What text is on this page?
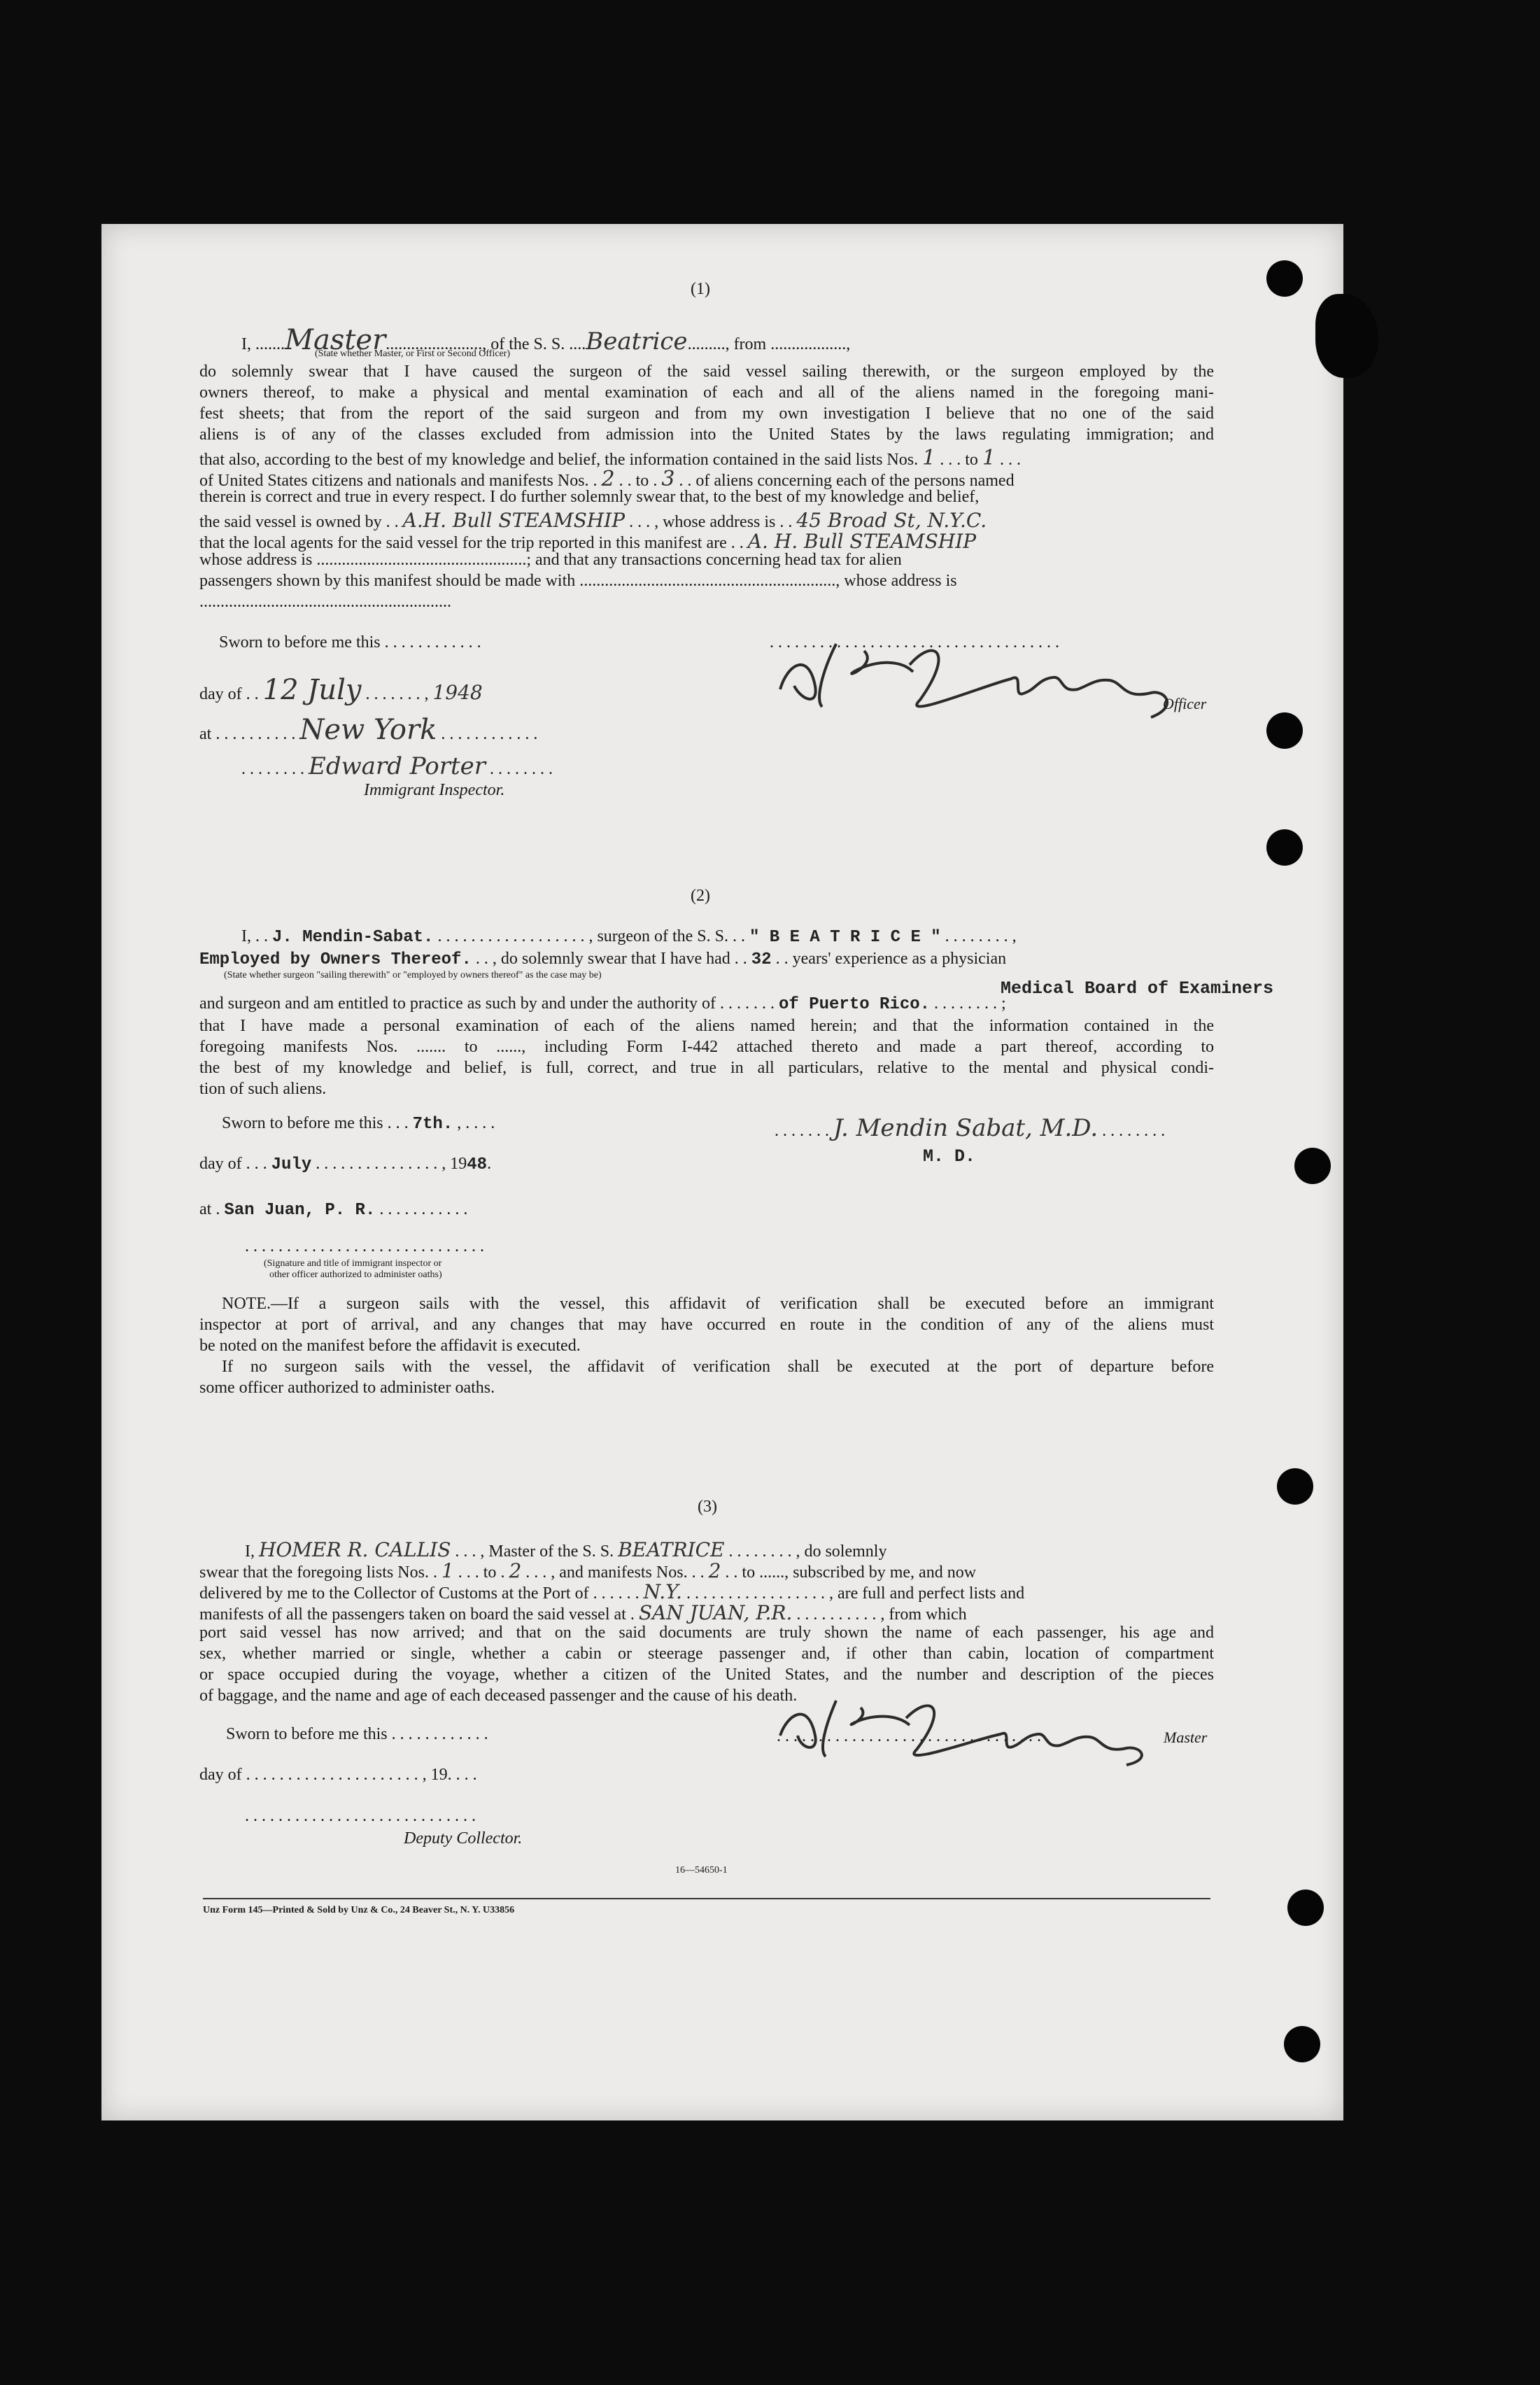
(1)
I, .......Master......................., of the S. S. ....Beatrice........., from ..................,
(State whether Master, or First or Second Officer)
do solemnly swear that I have caused the surgeon of the said vessel sailing therewith, or the surgeon employed by the
owners thereof, to make a physical and mental examination of each and all of the aliens named in the foregoing mani-
fest sheets; that from the report of the said surgeon and from my own investigation I believe that no one of the said
aliens is of any of the classes excluded from admission into the United States by the laws regulating immigration; and
that also, according to the best of my knowledge and belief, the information contained in the said lists Nos. 1 . . . to 1 . . .
of United States citizens and nationals and manifests Nos. . 2 . . to . 3 . . of aliens concerning each of the persons named
therein is correct and true in every respect. I do further solemnly swear that, to the best of my knowledge and belief,
the said vessel is owned by . . A.H. Bull STEAMSHIP . . . , whose address is . . 45 Broad St, N.Y.C.
that the local agents for the said vessel for the trip reported in this manifest are . . A. H. Bull STEAMSHIP
whose address is ..................................................; and that any transactions concerning head tax for alien
passengers shown by this manifest should be made with ............................................................., whose address is
............................................................
Sworn to before me this . . . . . . . . . . . .
day of . . 12 July . . . . . . . , 1948
at . . . . . . . . . . New York . . . . . . . . . . . .
. . . . . . . . Edward Porter . . . . . . . .
Immigrant Inspector.
. . . . . . . . . . . . . . . . . . . . . . . . . . . . . . . . . . .
Officer
(2)
I, . . J. Mendin-Sabat. . . . . . . . . . . . . . . . . . . , surgeon of the S. S. . . " B E A T R I C E " . . . . . . . . ,
Employed by Owners Thereof. . . , do solemnly swear that I have had . . 32 . . years' experience as a physician
(State whether surgeon "sailing therewith" or "employed by owners thereof" as the case may be)
Medical Board of Examiners
and surgeon and am entitled to practice as such by and under the authority of . . . . . . . of Puerto Rico. . . . . . . . . ;
that I have made a personal examination of each of the aliens named herein; and that the information contained in the
foregoing manifests Nos. ....... to ......, including Form I-442 attached thereto and made a part thereof, according to
the best of my knowledge and belief, is full, correct, and true in all particulars, relative to the mental and physical condi-
tion of such aliens.
Sworn to before me this . . . 7th. , . . . .
day of . . . July . . . . . . . . . . . . . . . , 1948.
at . San Juan, P. R. . . . . . . . . . . .
. . . . . . . . . . . . . . . . . . . . . . . . . . . . .
(Signature and title of immigrant inspector or
other officer authorized to administer oaths)
. . . . . . . J. Mendin Sabat, M.D. . . . . . . . .
M. D.
NOTE.—If a surgeon sails with the vessel, this affidavit of verification shall be executed before an immigrant
inspector at port of arrival, and any changes that may have occurred en route in the condition of any of the aliens must
be noted on the manifest before the affidavit is executed.
If no surgeon sails with the vessel, the affidavit of verification shall be executed at the port of departure before
some officer authorized to administer oaths.
(3)
I, HOMER R. CALLIS . . . , Master of the S. S. BEATRICE . . . . . . . . , do solemnly
swear that the foregoing lists Nos. . 1 . . . to . 2 . . . , and manifests Nos. . . 2 . . to ......, subscribed by me, and now
delivered by me to the Collector of Customs at the Port of . . . . . . N.Y. . . . . . . . . . . . . . . . . . , are full and perfect lists and
manifests of all the passengers taken on board the said vessel at . SAN JUAN, P.R. . . . . . . . . . . , from which
port said vessel has now arrived; and that on the said documents are truly shown the name of each passenger, his age and
sex, whether married or single, whether a cabin or steerage passenger and, if other than cabin, location of compartment
or space occupied during the voyage, whether a citizen of the United States, and the number and description of the pieces
of baggage, and the name and age of each deceased passenger and the cause of his death.
Sworn to before me this . . . . . . . . . . . .
day of . . . . . . . . . . . . . . . . . . . . . , 19. . . .
. . . . . . . . . . . . . . . . . . . . . . . . . . . .
Deputy Collector.
. . . . . . . . . . . . . . . . . . . . . . . . . . . . . . . . .	Master
16—54650-1
Unz Form 145—Printed & Sold by Unz & Co., 24 Beaver St., N. Y. U33856
